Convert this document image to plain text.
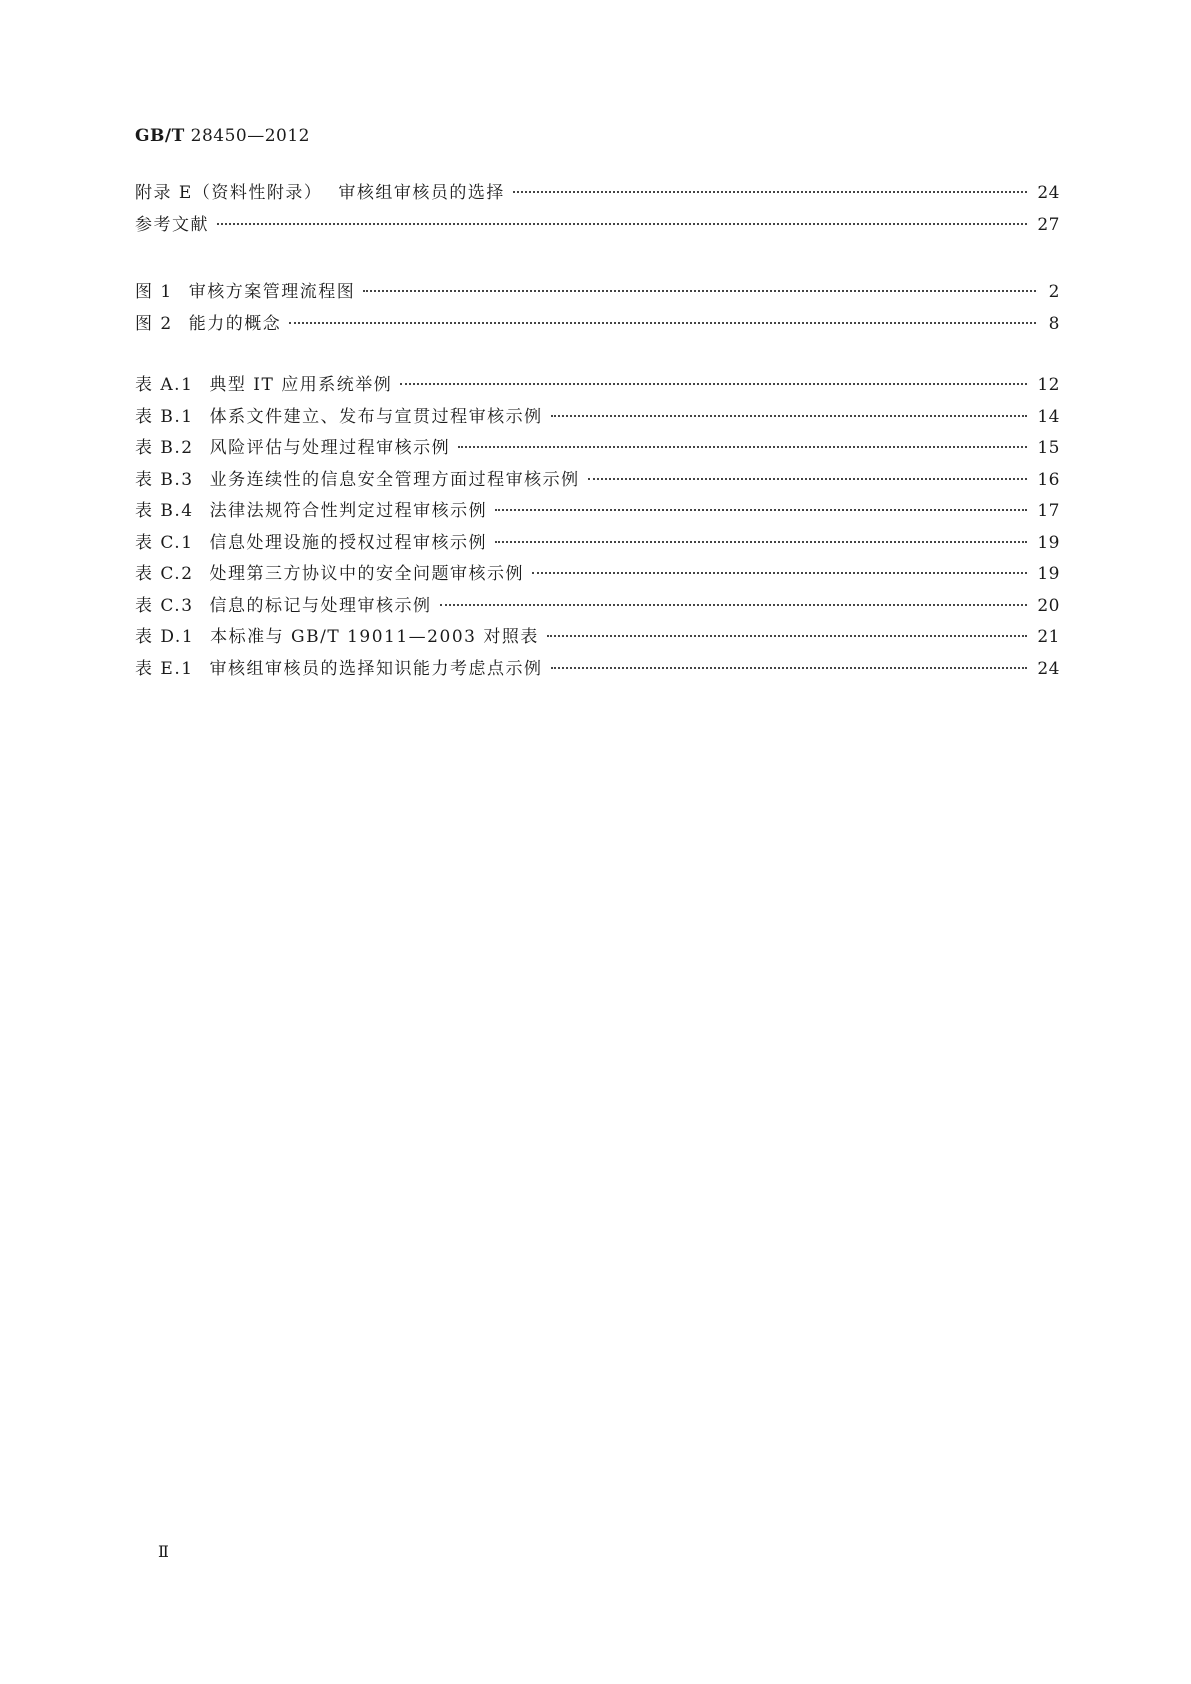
GB/T 28450—2012
附录 E（资料性附录） 审核组审核员的选择	24
参考文献	27
图 1 审核方案管理流程图	2
图 2 能力的概念	8
表 A.1 典型 IT 应用系统举例	12
表 B.1 体系文件建立、发布与宣贯过程审核示例	14
表 B.2 风险评估与处理过程审核示例	15
表 B.3 业务连续性的信息安全管理方面过程审核示例	16
表 B.4 法律法规符合性判定过程审核示例	17
表 C.1 信息处理设施的授权过程审核示例	19
表 C.2 处理第三方协议中的安全问题审核示例	19
表 C.3 信息的标记与处理审核示例	20
表 D.1 本标准与 GB/T 19011—2003 对照表	21
表 E.1 审核组审核员的选择知识能力考虑点示例	24
Ⅱ
